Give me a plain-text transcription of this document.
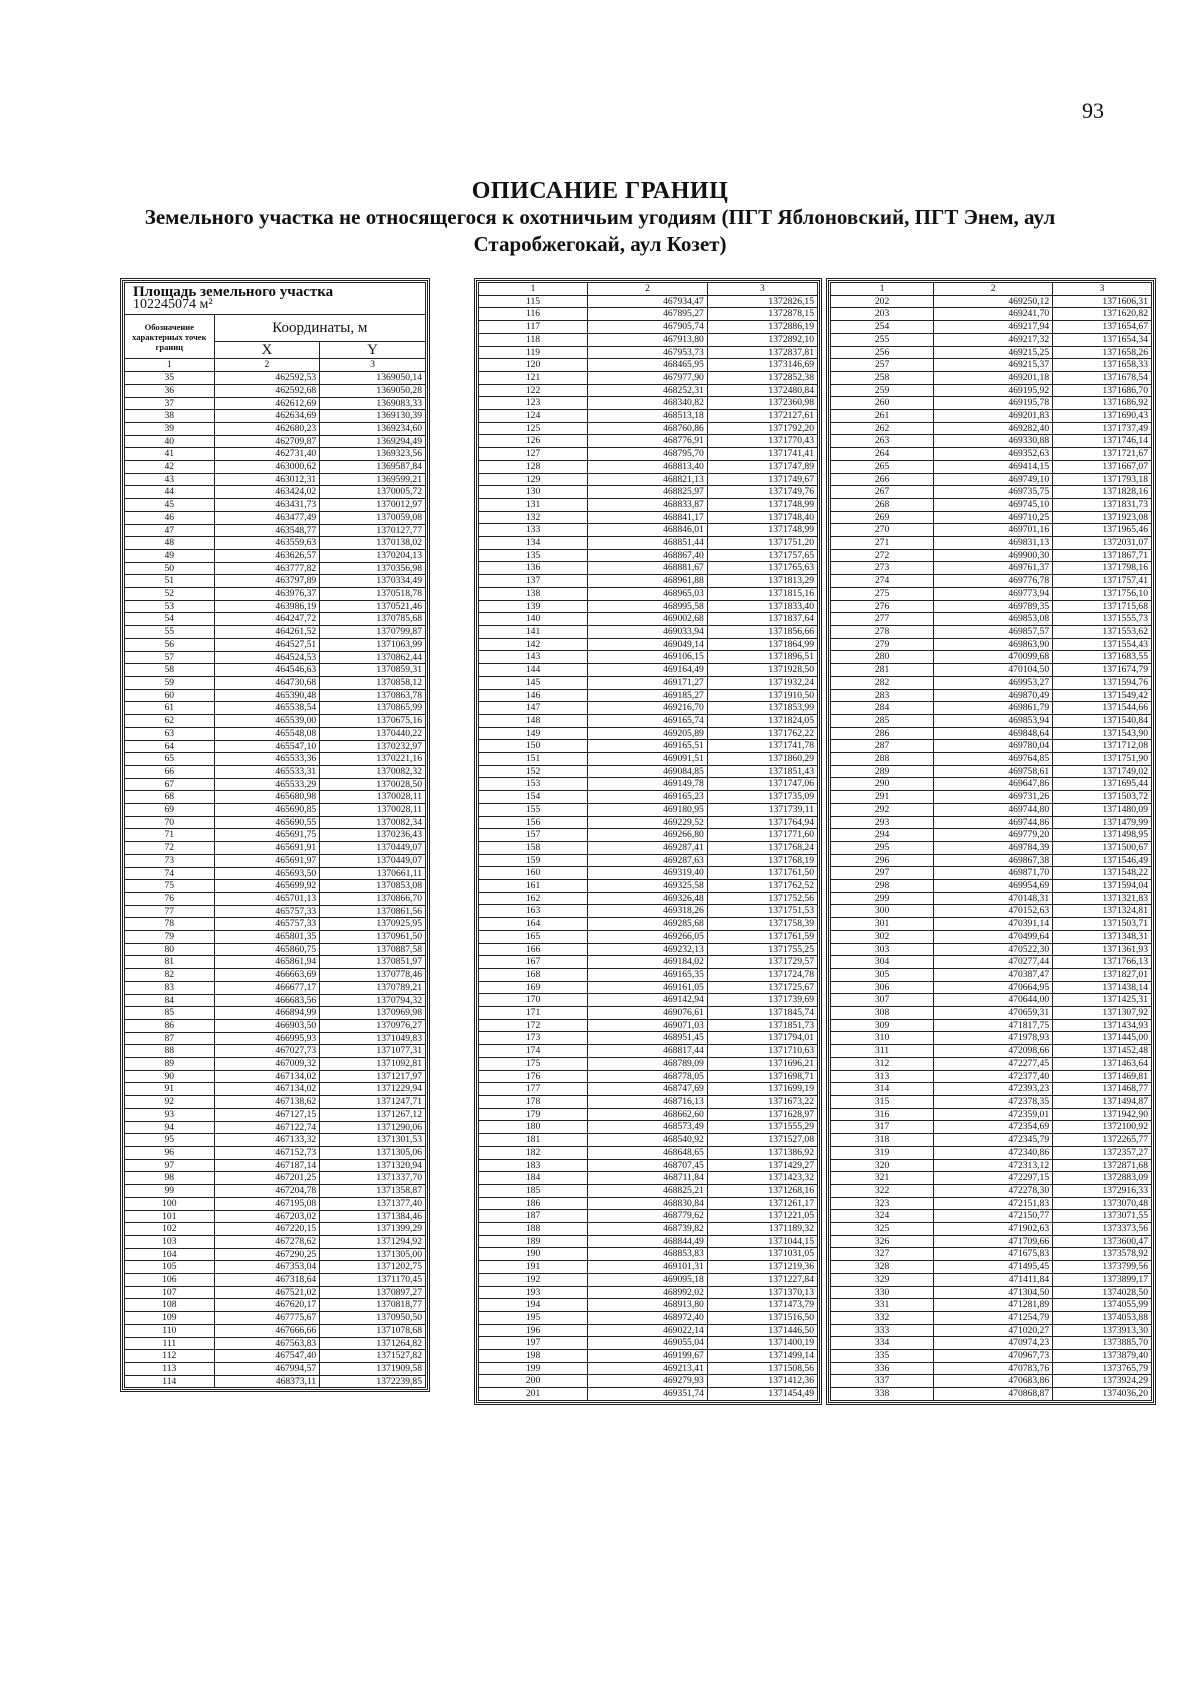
93
ОПИСАНИЕ ГРАНИЦ
Земельного участка не относящегося к охотничьим угодиям (ПГТ Яблоновский, ПГТ Энем, аул
Старобжегокай, аул Козет)
Площадь земельного участка
102245074 м²		

Обозначение характерных точек границ	Координаты, м	
	X	Y
1	2	3
35	462592,53	1369050,14
36	462592,68	1369050,28
37	462612,69	1369083,33
38	462634,69	1369130,39
39	462680,23	1369234,60
40	462709,87	1369294,49
41	462731,40	1369323,56
42	463000,62	1369587,84
43	463012,31	1369599,21
44	463424,02	1370005,72
45	463431,73	1370012,97
46	463477,49	1370059,08
47	463548,77	1370127,77
48	463559,63	1370138,02
49	463626,57	1370204,13
50	463777,82	1370356,98
51	463797,89	1370334,49
52	463976,37	1370518,78
53	463986,19	1370521,46
54	464247,72	1370785,68
55	464261,52	1370799,87
56	464527,51	1371063,99
57	464524,53	1370862,44
58	464546,63	1370859,31
59	464730,68	1370858,12
60	465390,48	1370863,78
61	465538,54	1370865,99
62	465539,00	1370675,16
63	465548,08	1370440,22
64	465547,10	1370232,97
65	465533,36	1370221,16
66	465533,31	1370082,32
67	465533,29	1370028,50
68	465680,98	1370028,11
69	465690,85	1370028,11
70	465690,55	1370082,34
71	465691,75	1370236,43
72	465691,91	1370449,07
73	465691,97	1370449,07
74	465693,50	1370661,11
75	465699,92	1370853,08
76	465701,13	1370866,70
77	465757,33	1370861,56
78	465757,33	1370925,95
79	465801,35	1370961,50
80	465860,75	1370887,58
81	465861,94	1370851,97
82	466663,69	1370778,46
83	466677,17	1370789,21
84	466683,56	1370794,32
85	466894,99	1370969,98
86	466903,50	1370976,27
87	466995,93	1371049,83
88	467027,73	1371077,31
89	467009,32	1371092,81
90	467134,02	1371217,97
91	467134,02	1371229,94
92	467138,62	1371247,71
93	467127,15	1371267,12
94	467122,74	1371290,06
95	467133,32	1371301,53
96	467152,73	1371305,06
97	467187,14	1371320,94
98	467201,25	1371337,70
99	467204,78	1371358,87
100	467195,08	1371377,40
101	467203,02	1371384,46
102	467220,15	1371399,29
103	467278,62	1371294,92
104	467290,25	1371305,00
105	467353,04	1371202,75
106	467318,64	1371170,45
107	467521,02	1370897,27
108	467620,17	1370818,77
109	467775,67	1370950,50
110	467666,66	1371078,68
111	467563,83	1371264,82
112	467547,40	1371527,82
113	467994,57	1371909,58
114	468373,11	1372239,85
1	2	3
115	467934,47	1372826,15
116	467895,27	1372878,15
117	467905,74	1372886,19
118	467913,80	1372892,10
119	467953,73	1372837,81
120	468465,95	1373146,69
121	467977,90	1372852,38
122	468252,31	1372480,84
123	468340,82	1372360,98
124	468513,18	1372127,61
125	468760,86	1371792,20
126	468776,91	1371770,43
127	468795,70	1371741,41
128	468813,40	1371747,89
129	468821,13	1371749,67
130	468825,97	1371749,76
131	468833,87	1371748,99
132	468841,17	1371748,40
133	468846,01	1371748,99
134	468851,44	1371751,20
135	468867,40	1371757,65
136	468881,67	1371765,63
137	468961,88	1371813,29
138	468965,03	1371815,16
139	468995,58	1371833,40
140	469002,68	1371837,64
141	469033,94	1371856,66
142	469049,14	1371864,99
143	469106,15	1371896,51
144	469164,49	1371928,50
145	469171,27	1371932,24
146	469185,27	1371910,50
147	469216,70	1371853,99
148	469165,74	1371824,05
149	469205,89	1371762,22
150	469165,51	1371741,78
151	469091,51	1371860,29
152	469084,85	1371851,43
153	469149,78	1371747,06
154	469165,23	1371735,09
155	469180,95	1371739,11
156	469229,52	1371764,94
157	469266,80	1371771,60
158	469287,41	1371768,24
159	469287,63	1371768,19
160	469319,40	1371761,50
161	469325,58	1371762,52
162	469326,48	1371752,56
163	469318,26	1371751,53
164	469285,68	1371758,39
165	469266,05	1371761,59
166	469232,13	1371755,25
167	469184,02	1371729,57
168	469165,35	1371724,78
169	469161,05	1371725,67
170	469142,94	1371739,69
171	469076,61	1371845,74
172	469071,03	1371851,73
173	468951,45	1371794,01
174	468817,44	1371710,63
175	468789,09	1371696,21
176	468778,05	1371698,71
177	468747,69	1371699,19
178	468716,13	1371673,22
179	468662,60	1371628,97
180	468573,49	1371555,29
181	468540,92	1371527,08
182	468648,65	1371386,92
183	468707,45	1371429,27
184	468711,84	1371423,32
185	468825,21	1371268,16
186	468830,84	1371261,17
187	468779,62	1371221,05
188	468739,82	1371189,32
189	468844,49	1371044,15
190	468853,83	1371031,05
191	469101,31	1371219,36
192	469095,18	1371227,84
193	468992,02	1371370,13
194	468913,80	1371473,79
195	468972,40	1371516,50
196	469022,14	1371446,50
197	469055,04	1371400,19
198	469199,67	1371499,14
199	469213,41	1371508,56
200	469279,93	1371412,36
201	469351,74	1371454,49
1	2	3
202	469250,12	1371606,31
203	469241,70	1371620,82
254	469217,94	1371654,67
255	469217,32	1371654,34
256	469215,25	1371658,26
257	469215,37	1371658,33
258	469201,18	1371678,54
259	469195,92	1371686,70
260	469195,78	1371686,92
261	469201,83	1371690,43
262	469282,40	1371737,49
263	469330,88	1371746,14
264	469352,63	1371721,67
265	469414,15	1371667,07
266	469749,10	1371793,18
267	469735,75	1371828,16
268	469745,10	1371831,73
269	469710,25	1371923,08
270	469701,16	1371965,46
271	469831,13	1372031,07
272	469900,30	1371867,71
273	469761,37	1371798,16
274	469776,78	1371757,41
275	469773,94	1371756,10
276	469789,35	1371715,68
277	469853,08	1371555,73
278	469857,57	1371553,62
279	469863,90	1371554,43
280	470099,68	1371683,55
281	470104,50	1371674,79
282	469953,27	1371594,76
283	469870,49	1371549,42
284	469861,79	1371544,66
285	469853,94	1371540,84
286	469848,64	1371543,90
287	469780,04	1371712,08
288	469764,85	1371751,90
289	469758,61	1371749,02
290	469647,86	1371695,44
291	469731,26	1371503,72
292	469744,80	1371480,09
293	469744,86	1371479,99
294	469779,20	1371498,95
295	469784,39	1371500,67
296	469867,38	1371546,49
297	469871,70	1371548,22
298	469954,69	1371594,04
299	470148,31	1371321,83
300	470152,63	1371324,81
301	470391,14	1371503,71
302	470499,64	1371348,31
303	470522,30	1371361,93
304	470277,44	1371766,13
305	470387,47	1371827,01
306	470664,95	1371438,14
307	470644,00	1371425,31
308	470659,31	1371307,92
309	471817,75	1371434,93
310	471978,93	1371445,00
311	472098,66	1371452,48
312	472277,45	1371463,64
313	472377,40	1371469,81
314	472393,23	1371468,77
315	472378,35	1371494,87
316	472359,01	1371942,90
317	472354,69	1372100,92
318	472345,79	1372265,77
319	472340,86	1372357,27
320	472313,12	1372871,68
321	472297,15	1372883,09
322	472278,30	1372916,33
323	472151,83	1373070,48
324	472150,77	1373071,55
325	471902,63	1373373,56
326	471709,66	1373600,47
327	471675,83	1373578,92
328	471495,45	1373799,56
329	471411,84	1373899,17
330	471304,50	1374028,50
331	471281,89	1374055,99
332	471254,79	1374053,88
333	471020,27	1373913,30
334	470974,23	1373885,70
335	470967,73	1373879,40
336	470783,76	1373765,79
337	470683,86	1373924,29
338	470868,87	1374036,20
